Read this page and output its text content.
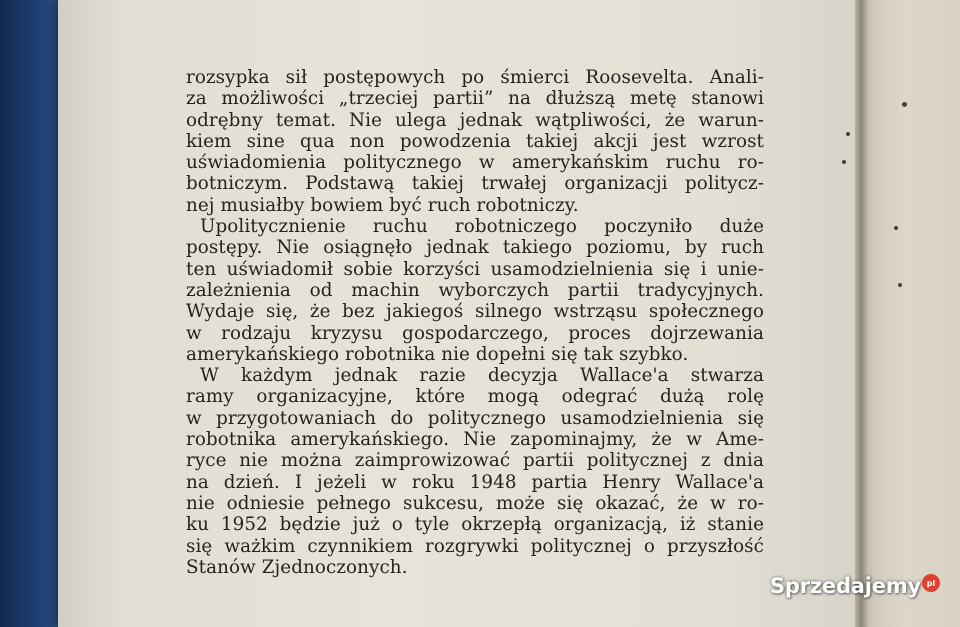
rozsypka sił postępowych po śmierci Roosevelta. Anali-
za możliwości „trzeciej partii” na dłuższą metę stanowi
odrębny temat. Nie ulega jednak wątpliwości, że warun-
kiem sine qua non powodzenia takiej akcji jest wzrost
uświadomienia politycznego w amerykańskim ruchu ro-
botniczym. Podstawą takiej trwałej organizacji politycz-
nej musiałby bowiem być ruch robotniczy.
Upolitycznienie ruchu robotniczego poczyniło duże
postępy. Nie osiągnęło jednak takiego poziomu, by ruch
ten uświadomił sobie korzyści usamodzielnienia się i unie-
zależnienia od machin wyborczych partii tradycyjnych.
Wydaje się, że bez jakiegoś silnego wstrząsu społecznego
w rodzaju kryzysu gospodarczego, proces dojrzewania
amerykańskiego robotnika nie dopełni się tak szybko.
W każdym jednak razie decyzja Wallace'a stwarza
ramy organizacyjne, które mogą odegrać dużą rolę
w przygotowaniach do politycznego usamodzielnienia się
robotnika amerykańskiego. Nie zapominajmy, że w Ame-
ryce nie można zaimprowizować partii politycznej z dnia
na dzień. I jeżeli w roku 1948 partia Henry Wallace'a
nie odniesie pełnego sukcesu, może się okazać, że w ro-
ku 1952 będzie już o tyle okrzepłą organizacją, iż stanie
się ważkim czynnikiem rozgrywki politycznej o przyszłość
Stanów Zjednoczonych.
Sprzedajemy pl
